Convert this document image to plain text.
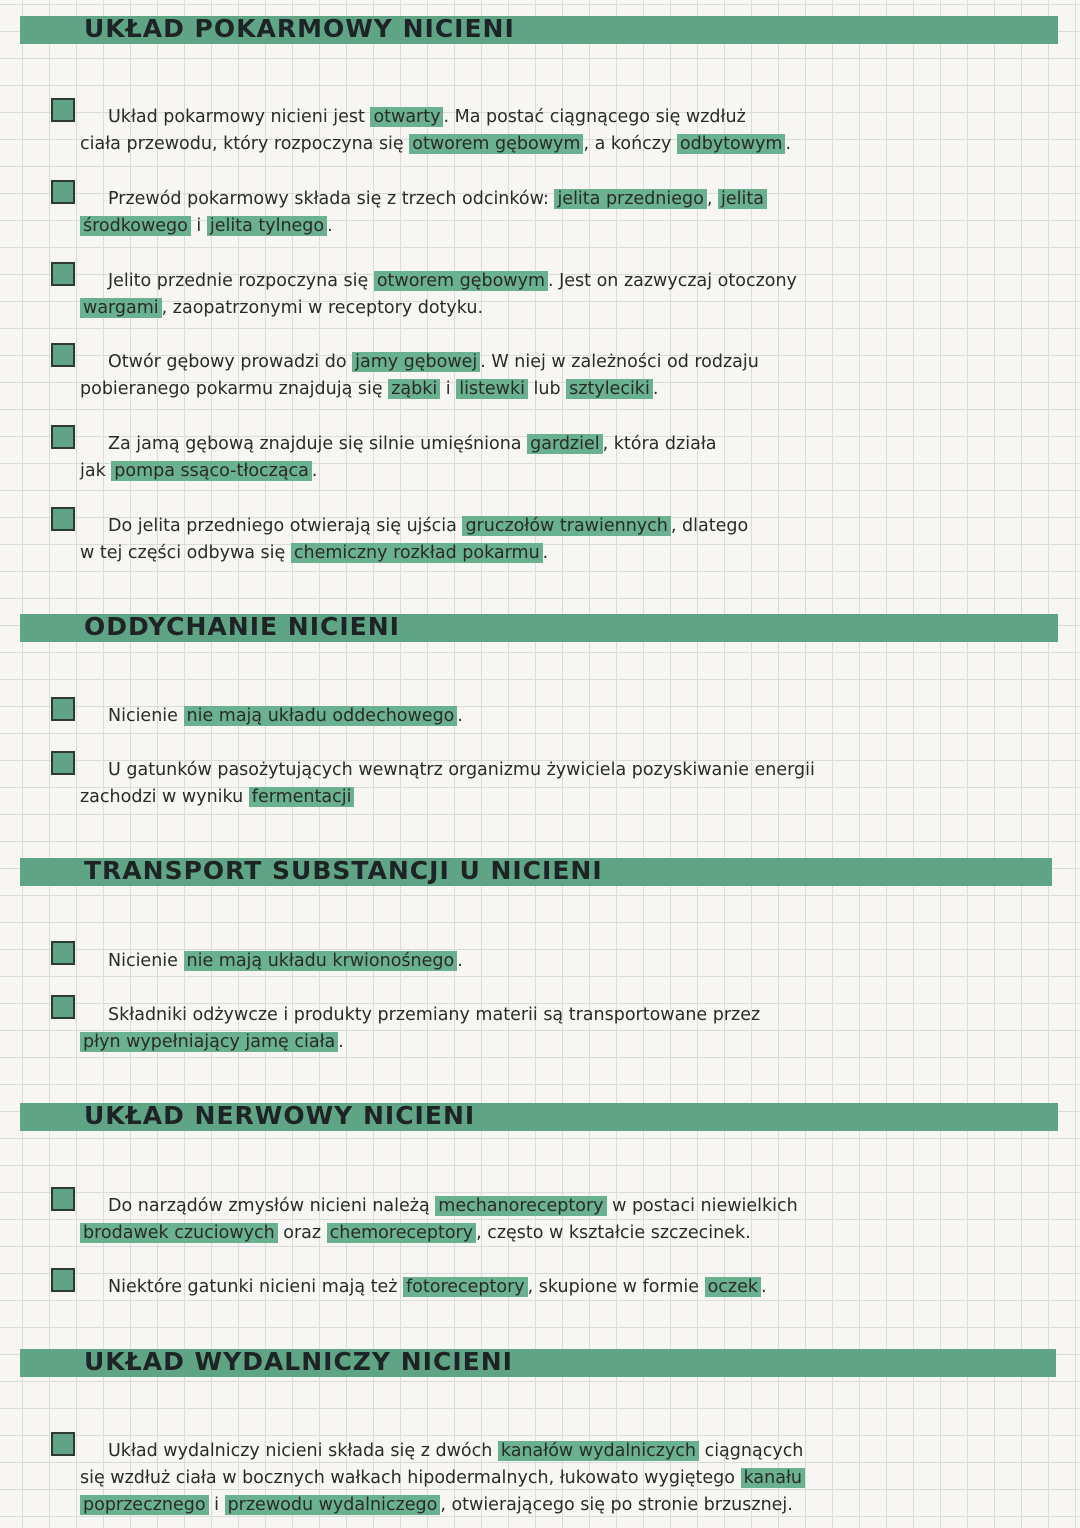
UKŁAD POKARMOWY NICIENI
Układ pokarmowy nicieni jest otwarty . Ma postać ciągnącego się wzdłuż
ciała przewodu, który rozpoczyna się otworem gębowym , a kończy odbytowym .
Przewód pokarmowy składa się z trzech odcinków: jelita przedniego , jelita
środkowego i jelita tylnego .
Jelito przednie rozpoczyna się otworem gębowym . Jest on zazwyczaj otoczony
wargami , zaopatrzonymi w receptory dotyku.
Otwór gębowy prowadzi do jamy gębowej . W niej w zależności od rodzaju
pobieranego pokarmu znajdują się ząbki i listewki lub sztyleciki .
Za jamą gębową znajduje się silnie umięśniona gardziel , która działa
jak pompa ssąco-tłocząca .
Do jelita przedniego otwierają się ujścia gruczołów trawiennych , dlatego
w tej części odbywa się chemiczny rozkład pokarmu .
ODDYCHANIE NICIENI
Nicienie nie mają układu oddechowego .
U gatunków pasożytujących wewnątrz organizmu żywiciela pozyskiwanie energii
zachodzi w wyniku fermentacji
TRANSPORT SUBSTANCJI U NICIENI
Nicienie nie mają układu krwionośnego .
Składniki odżywcze i produkty przemiany materii są transportowane przez
płyn wypełniający jamę ciała .
UKŁAD NERWOWY NICIENI
Do narządów zmysłów nicieni należą mechanoreceptory w postaci niewielkich
brodawek czuciowych oraz chemoreceptory , często w kształcie szczecinek.
Niektóre gatunki nicieni mają też fotoreceptory , skupione w formie oczek .
UKŁAD WYDALNICZY NICIENI
Układ wydalniczy nicieni składa się z dwóch kanałów wydalniczych ciągnących
się wzdłuż ciała w bocznych wałkach hipodermalnych, łukowato wygiętego kanału
poprzecznego i przewodu wydalniczego , otwierającego się po stronie brzusznej.
